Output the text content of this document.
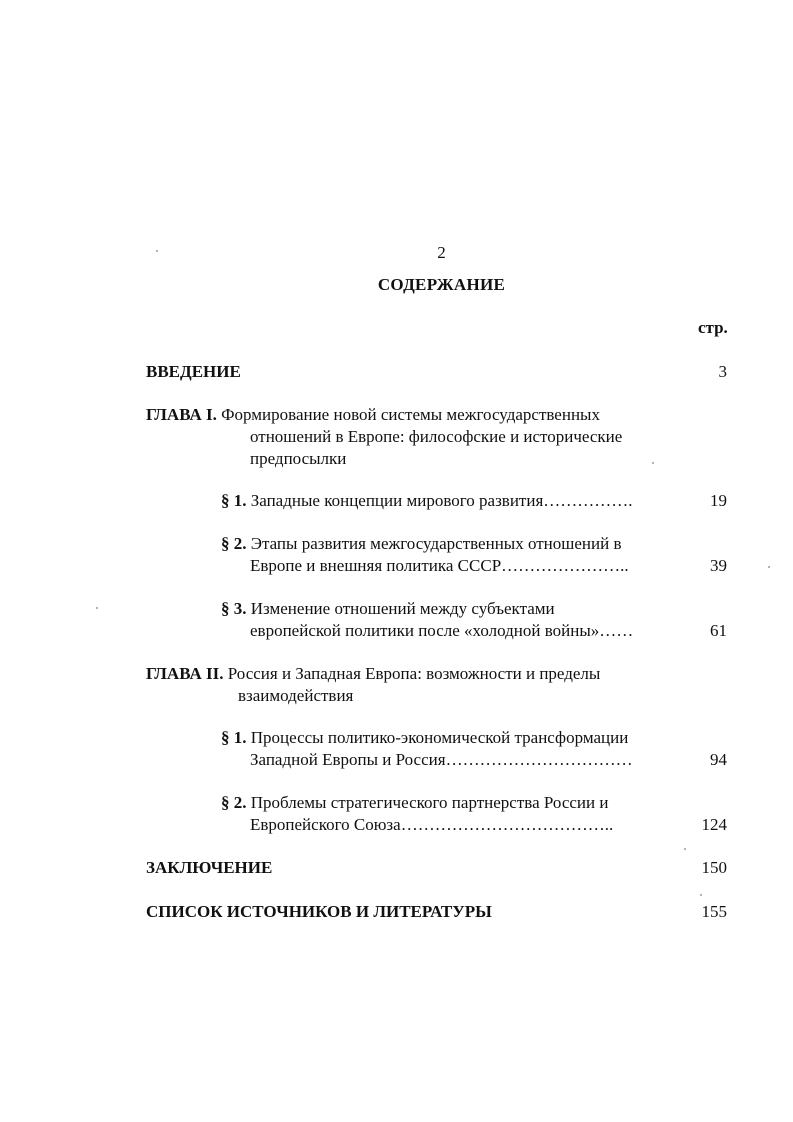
2
СОДЕРЖАНИЕ
стр.
ВВЕДЕНИЕ	3
ГЛАВА I. Формирование новой системы межгосударственных
отношений в Европе: философские и исторические
предпосылки
§ 1. Западные концепции мирового развития…………….	19
§ 2. Этапы развития межгосударственных отношений в
Европе и внешняя политика СССР…………………..	39
§ 3. Изменение отношений между субъектами
европейской политики после «холодной войны»……	61
ГЛАВА II. Россия и Западная Европа: возможности и пределы
взаимодействия
§ 1. Процессы политико-экономической трансформации
Западной Европы и Россия……………………………	94
§ 2. Проблемы стратегического партнерства России и
Европейского Союза………………………………..	124
ЗАКЛЮЧЕНИЕ	150
СПИСОК ИСТОЧНИКОВ И ЛИТЕРАТУРЫ	155
